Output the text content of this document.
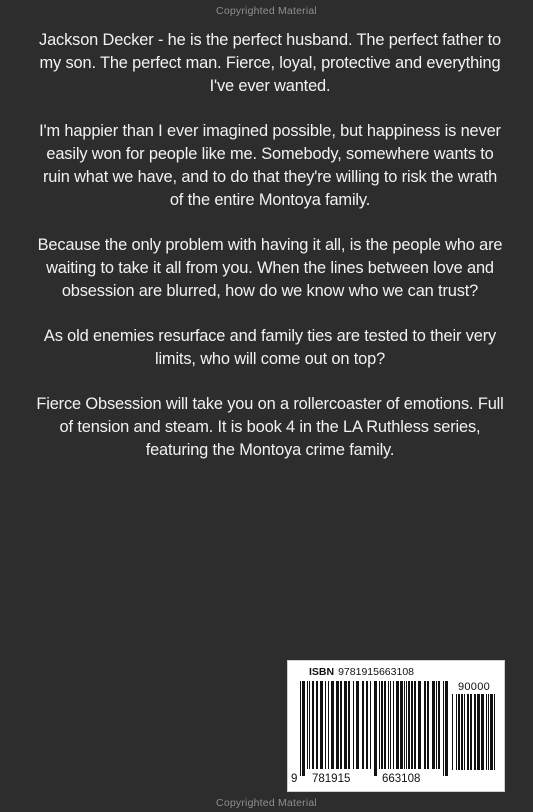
Copyrighted Material

Jackson Decker - he is the perfect husband. The perfect father to my son. The perfect man. Fierce, loyal, protective and everything I've ever wanted.

I'm happier than I ever imagined possible, but happiness is never easily won for people like me. Somebody, somewhere wants to ruin what we have, and to do that they're willing to risk the wrath of the entire Montoya family.

Because the only problem with having it all, is the people who are waiting to take it all from you. When the lines between love and obsession are blurred, how do we know who we can trust?

As old enemies resurface and family ties are tested to their very limits, who will come out on top?

Fierce Obsession will take you on a rollercoaster of emotions. Full of tension and steam. It is book 4 in the LA Ruthless series, featuring the Montoya crime family.

ISBN 9781915663108
90000
9 781915	663108
Copyrighted Material
